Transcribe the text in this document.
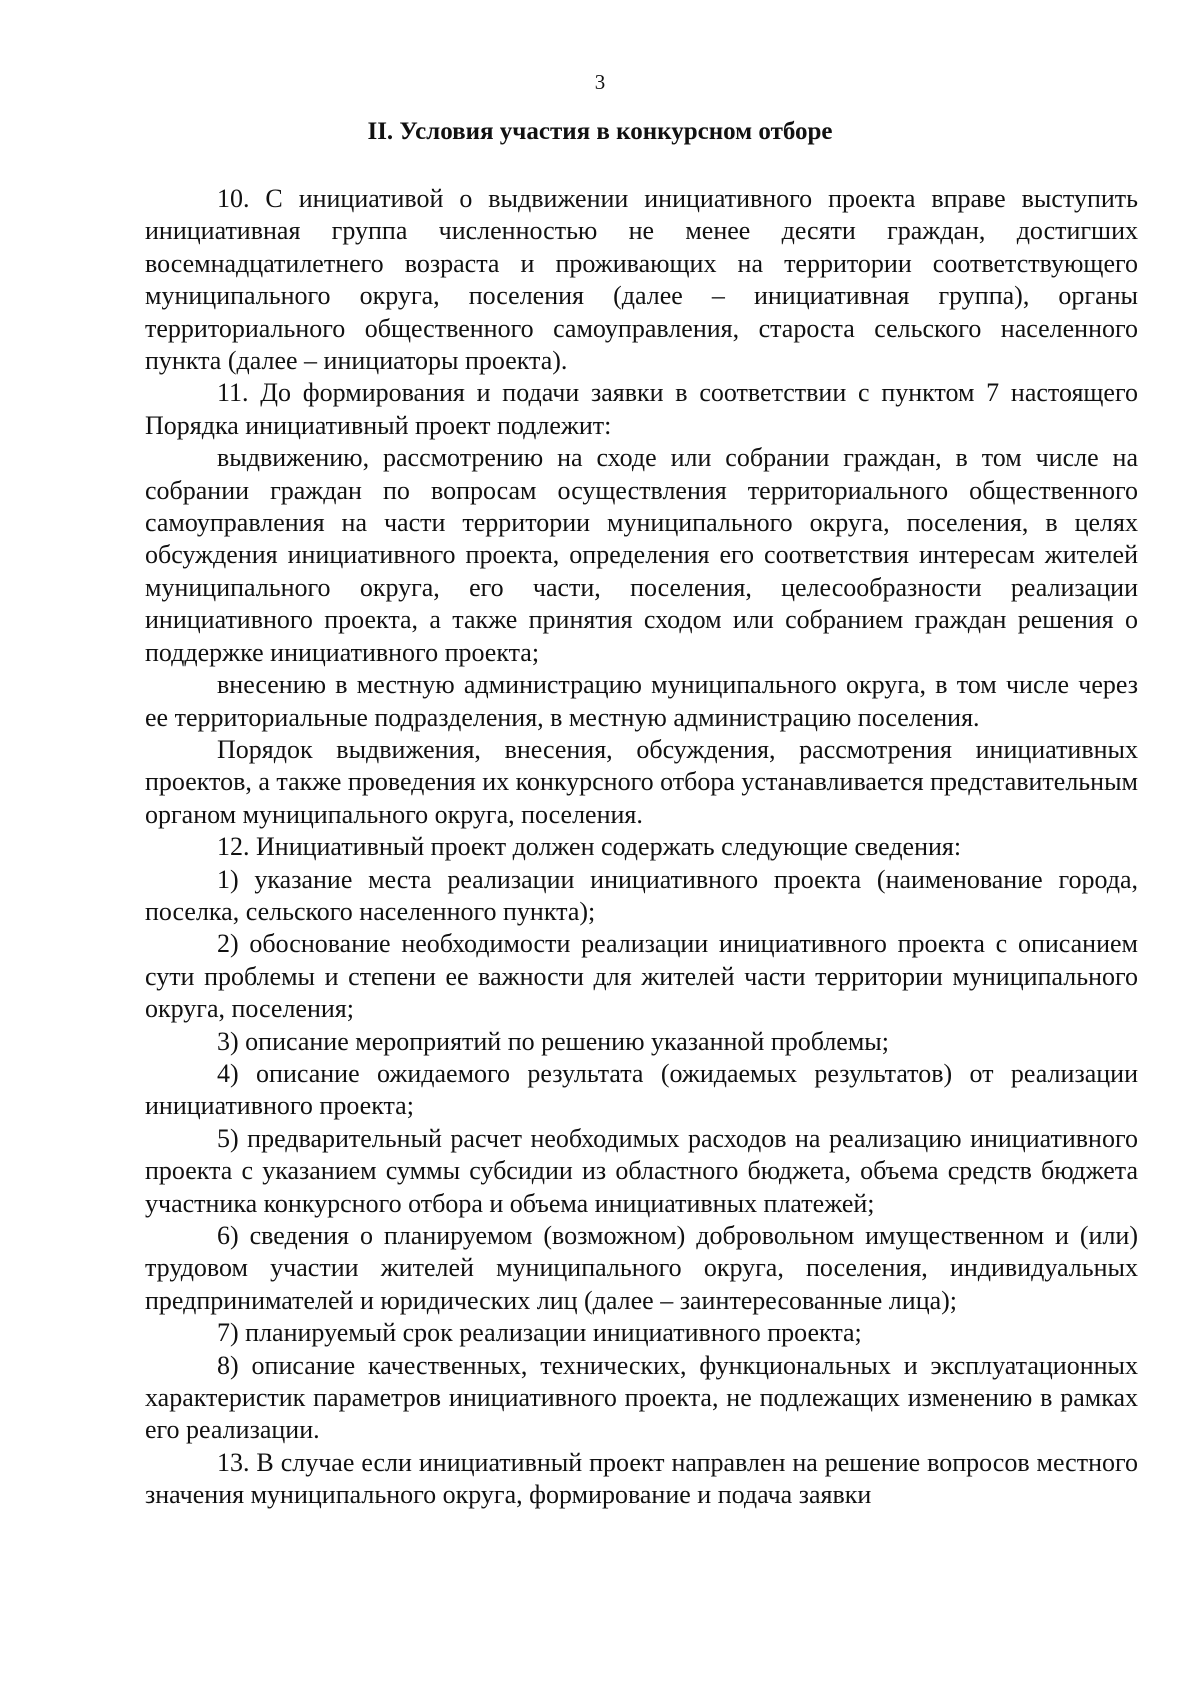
3
II. Условия участия в конкурсном отборе

10. С инициативой о выдвижении инициативного проекта вправе выступить инициативная группа численностью не менее десяти граждан, достигших восемнадцатилетнего возраста и проживающих на территории соответствующего муниципального округа, поселения (далее – инициативная группа), органы территориального общественного самоуправления, староста сельского населенного пункта (далее – инициаторы проекта).

11. До формирования и подачи заявки в соответствии с пунктом 7 настоящего Порядка инициативный проект подлежит:

выдвижению, рассмотрению на сходе или собрании граждан, в том числе на собрании граждан по вопросам осуществления территориального общественного самоуправления на части территории муниципального округа, поселения, в целях обсуждения инициативного проекта, определения его соответствия интересам жителей муниципального округа, его части, поселения, целесообразности реализации инициативного проекта, а также принятия сходом или собранием граждан решения о поддержке инициативного проекта;

внесению в местную администрацию муниципального округа, в том числе через ее территориальные подразделения, в местную администрацию поселения.

Порядок выдвижения, внесения, обсуждения, рассмотрения инициативных проектов, а также проведения их конкурсного отбора устанавливается представительным органом муниципального округа, поселения.

12. Инициативный проект должен содержать следующие сведения:

1) указание места реализации инициативного проекта (наименование города, поселка, сельского населенного пункта);

2) обоснование необходимости реализации инициативного проекта с описанием сути проблемы и степени ее важности для жителей части территории муниципального округа, поселения;

3) описание мероприятий по решению указанной проблемы;

4) описание ожидаемого результата (ожидаемых результатов) от реализации инициативного проекта;

5) предварительный расчет необходимых расходов на реализацию инициативного проекта с указанием суммы субсидии из областного бюджета, объема средств бюджета участника конкурсного отбора и объема инициативных платежей;

6) сведения о планируемом (возможном) добровольном имущественном и (или) трудовом участии жителей муниципального округа, поселения, индивидуальных предпринимателей и юридических лиц (далее – заинтересованные лица);

7) планируемый срок реализации инициативного проекта;

8) описание качественных, технических, функциональных и эксплуатационных характеристик параметров инициативного проекта, не подлежащих изменению в рамках его реализации.

13. В случае если инициативный проект направлен на решение вопросов местного значения муниципального округа, формирование и подача заявки
